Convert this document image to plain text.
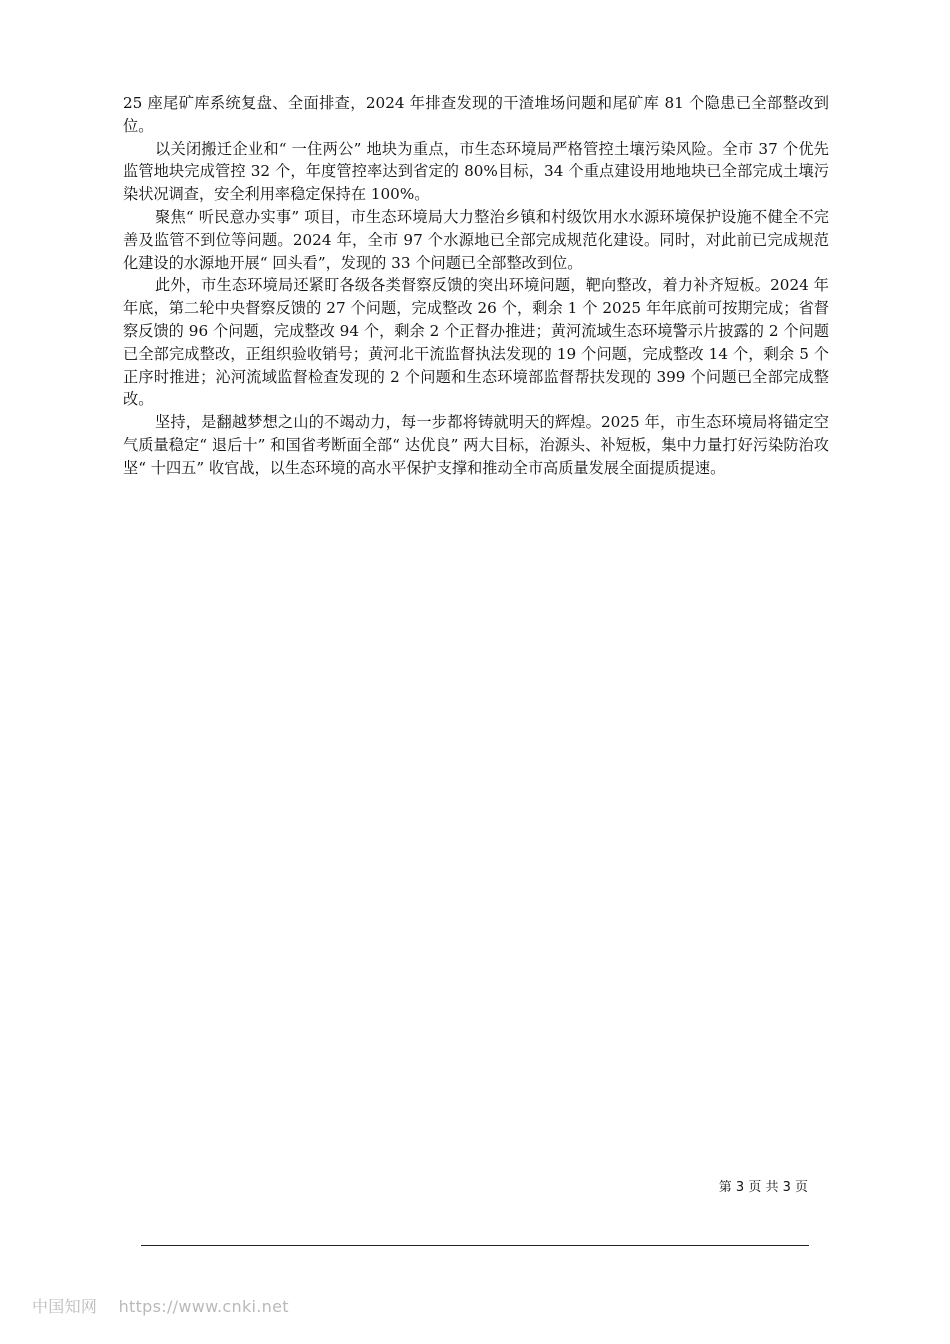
25 座尾矿库系统复盘、全面排查，2024 年排查发现的干渣堆场问题和尾矿库 81 个隐患已全部整改到位。

以关闭搬迁企业和“ 一住两公” 地块为重点，市生态环境局严格管控土壤污染风险。全市 37 个优先监管地块完成管控 32 个，年度管控率达到省定的 80%目标，34 个重点建设用地地块已全部完成土壤污染状况调查，安全利用率稳定保持在 100%。

聚焦“ 听民意办实事” 项目，市生态环境局大力整治乡镇和村级饮用水水源环境保护设施不健全不完善及监管不到位等问题。2024 年，全市 97 个水源地已全部完成规范化建设。同时，对此前已完成规范化建设的水源地开展“ 回头看”，发现的 33 个问题已全部整改到位。

此外，市生态环境局还紧盯各级各类督察反馈的突出环境问题，靶向整改，着力补齐短板。2024 年年底，第二轮中央督察反馈的 27 个问题，完成整改 26 个，剩余 1 个 2025 年年底前可按期完成；省督察反馈的 96 个问题，完成整改 94 个，剩余 2 个正督办推进；黄河流域生态环境警示片披露的 2 个问题已全部完成整改，正组织验收销号；黄河北干流监督执法发现的 19 个问题，完成整改 14 个，剩余 5 个正序时推进；沁河流域监督检查发现的 2 个问题和生态环境部监督帮扶发现的 399 个问题已全部完成整改。

坚持，是翻越梦想之山的不竭动力，每一步都将铸就明天的辉煌。2025 年，市生态环境局将锚定空气质量稳定“ 退后十” 和国省考断面全部“ 达优良” 两大目标，治源头、补短板，集中力量打好污染防治攻坚“ 十四五” 收官战，以生态环境的高水平保护支撑和推动全市高质量发展全面提质提速。

第 3 页 共 3 页
中国知网 https://www.cnki.net
